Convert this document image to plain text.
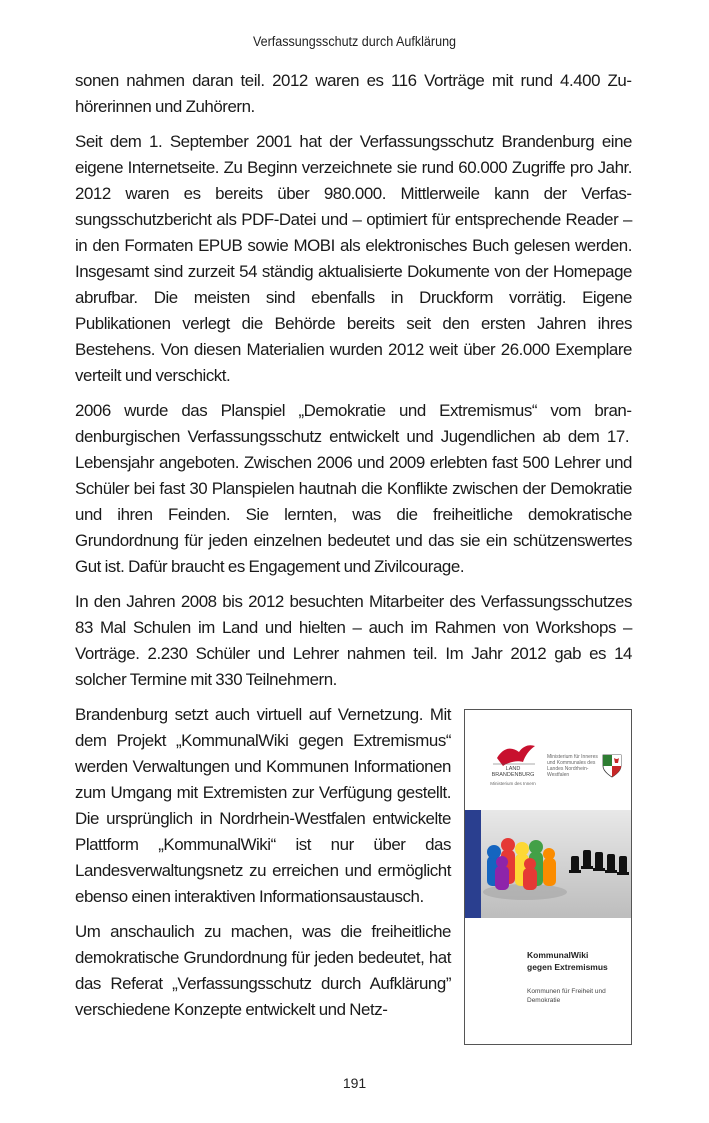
Verfassungsschutz durch Aufklärung

sonen nahmen daran teil. 2012 waren es 116 Vorträge mit rund 4.400 Zuhörerinnen und Zuhörern.

Seit dem 1. September 2001 hat der Verfassungsschutz Brandenburg eine eigene Internetseite. Zu Beginn verzeichnete sie rund 60.000 Zugriffe pro Jahr. 2012 waren es bereits über 980.000. Mittlerweile kann der Verfassungsschutzbericht als PDF-Datei und – optimiert für entsprechende Reader – in den Formaten EPUB sowie MOBI als elektronisches Buch gelesen werden. Insgesamt sind zurzeit 54 ständig aktualisierte Dokumente von der Homepage abrufbar. Die meisten sind ebenfalls in Druckform vorrätig. Eigene Publikationen verlegt die Behörde bereits seit den ersten Jahren ihres Bestehens. Von diesen Materialien wurden 2012 weit über 26.000 Exemplare verteilt und verschickt.

2006 wurde das Planspiel „Demokratie und Extremismus“ vom brandenburgischen Verfassungsschutz entwickelt und Jugendlichen ab dem 17. Lebensjahr angeboten. Zwischen 2006 und 2009 erlebten fast 500 Lehrer und Schüler bei fast 30 Planspielen hautnah die Konflikte zwischen der Demokratie und ihren Feinden. Sie lernten, was die freiheitliche demokratische Grundordnung für jeden einzelnen bedeutet und das sie ein schützenswertes Gut ist. Dafür braucht es Engagement und Zivilcourage.

In den Jahren 2008 bis 2012 besuchten Mitarbeiter des Verfassungsschutzes 83 Mal Schulen im Land und hielten – auch im Rahmen von Workshops – Vorträge. 2.230 Schüler und Lehrer nahmen teil. Im Jahr 2012 gab es 14 solcher Termine mit 330 Teilnehmern.

Brandenburg setzt auch virtuell auf Vernetzung. Mit dem Projekt „KommunalWiki gegen Extremismus“ werden Verwaltungen und Kommunen Informationen zum Umgang mit Extremisten zur Verfügung gestellt. Die ursprünglich in Nordrhein-Westfalen entwickelte Plattform „KommunalWiki“ ist nur über das Landesverwaltungsnetz zu erreichen und ermöglicht ebenso einen interaktiven Informationsaustausch.

Um anschaulich zu machen, was die freiheitliche demokratische Grundordnung für jeden bedeutet, hat das Referat „Verfassungsschutz durch Aufklärung” verschiedene Konzepte entwickelt und Netz-

LAND
BRANDENBURG
Ministerium des Innern
Ministerium für Inneres und Kommunales des Landes Nordrhein-Westfalen
KommunalWiki
gegen Extremismus
Kommunen für Freiheit und
Demokratie
191
